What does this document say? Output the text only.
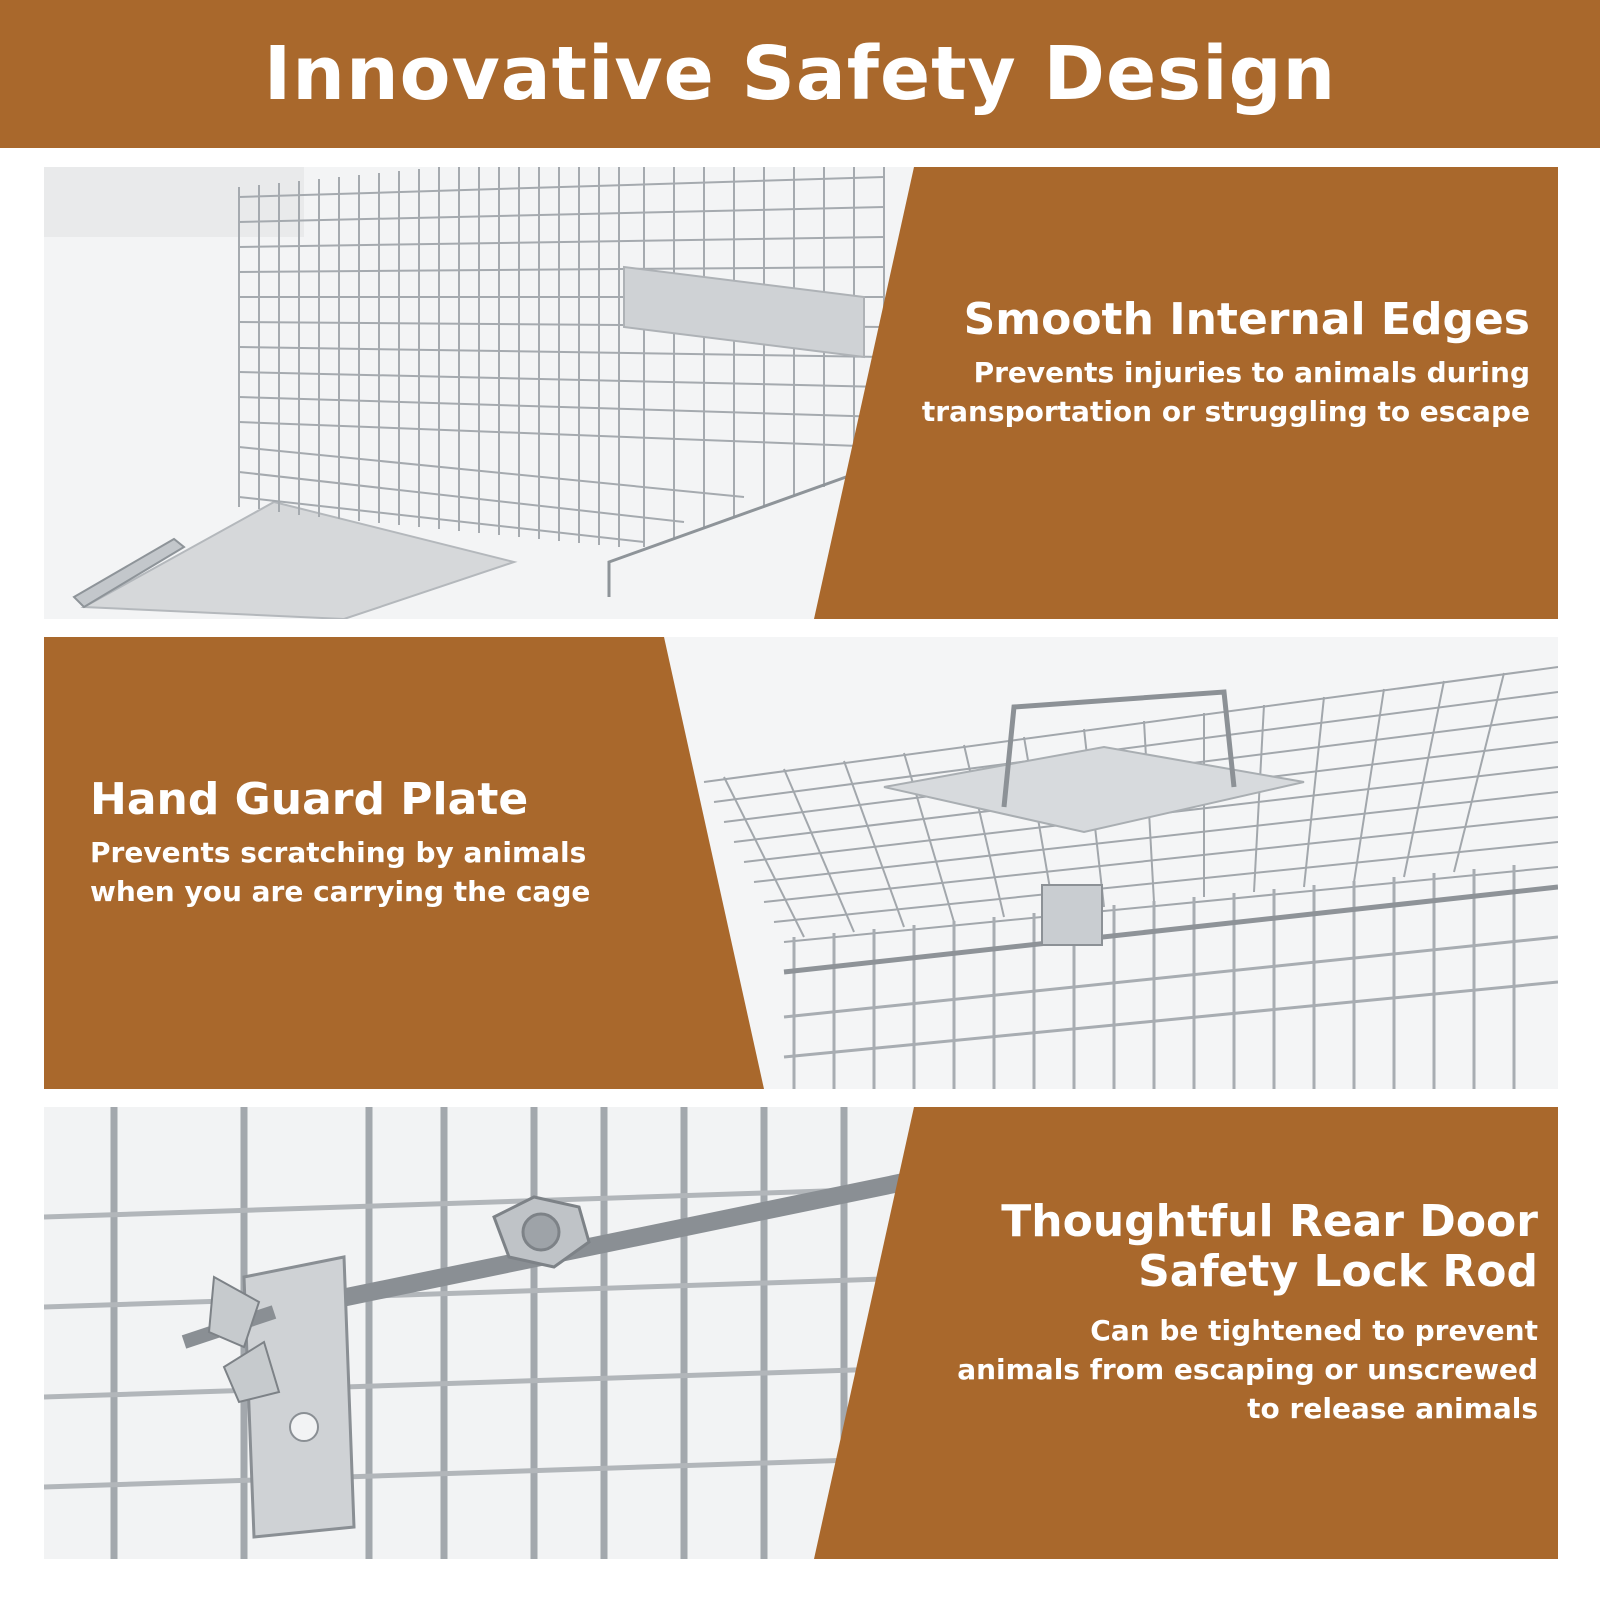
Innovative Safety Design
Smooth Internal Edges
Prevents injuries to animals during
transportation or struggling to escape
Hand Guard Plate
Prevents scratching by animals
when you are carrying the cage
Thoughtful Rear Door
Safety Lock Rod
Can be tightened to prevent
animals from escaping or unscrewed
to release animals
